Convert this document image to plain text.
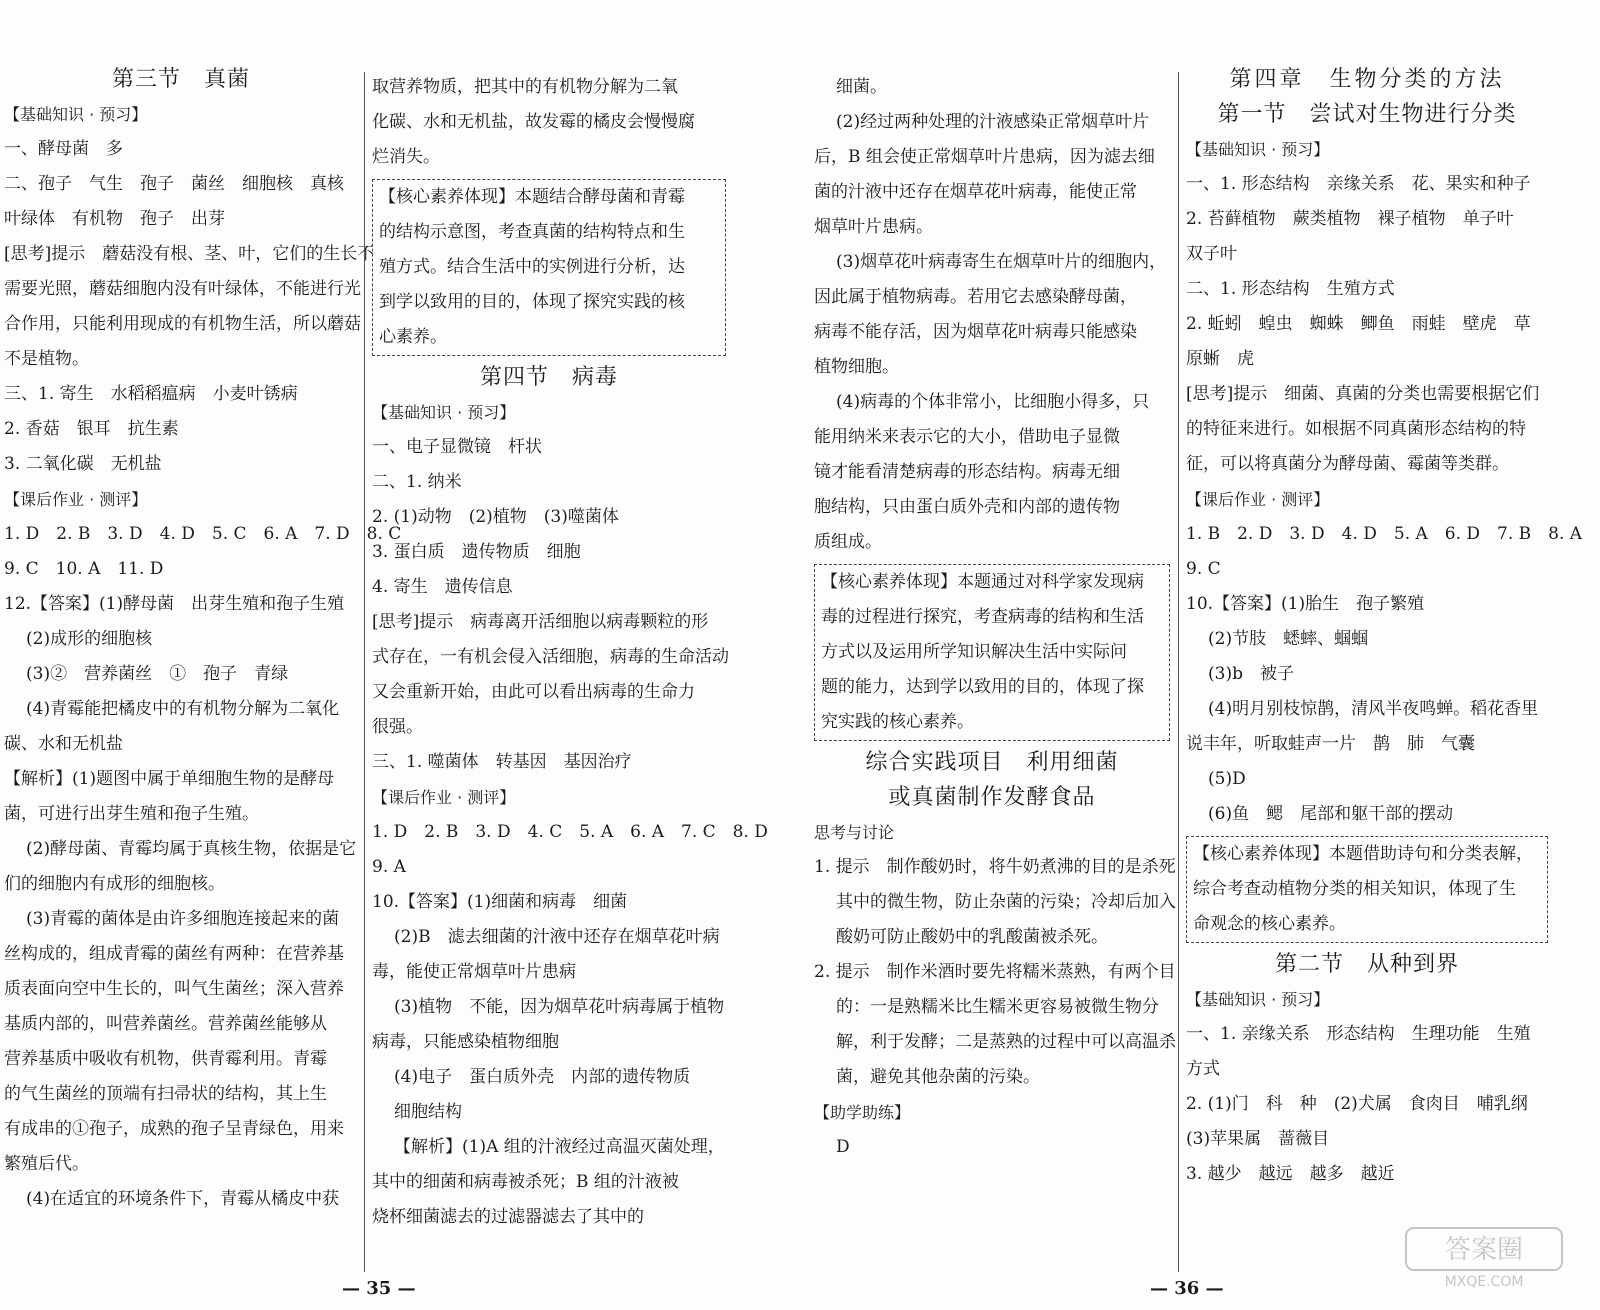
第三节　真菌
【基础知识 · 预习】
一、酵母菌　多
二、孢子　气生　孢子　菌丝　细胞核　真核
叶绿体　有机物　孢子　出芽
[思考]提示　蘑菇没有根、茎、叶，它们的生长不
需要光照，蘑菇细胞内没有叶绿体，不能进行光
合作用，只能利用现成的有机物生活，所以蘑菇
不是植物。
三、1. 寄生　水稻稻瘟病　小麦叶锈病
2. 香菇　银耳　抗生素
3. 二氧化碳　无机盐
【课后作业 · 测评】
1. D　2. B　3. D　4. D　5. C　6. A　7. D　8. C
9. C　10. A　11. D
12.【答案】(1)酵母菌　出芽生殖和孢子生殖
(2)成形的细胞核
(3)②　营养菌丝　①　孢子　青绿
(4)青霉能把橘皮中的有机物分解为二氧化
碳、水和无机盐
【解析】(1)题图中属于单细胞生物的是酵母
菌，可进行出芽生殖和孢子生殖。
(2)酵母菌、青霉均属于真核生物，依据是它
们的细胞内有成形的细胞核。
(3)青霉的菌体是由许多细胞连接起来的菌
丝构成的，组成青霉的菌丝有两种：在营养基
质表面向空中生长的，叫气生菌丝；深入营养
基质内部的，叫营养菌丝。营养菌丝能够从
营养基质中吸收有机物，供青霉利用。青霉
的气生菌丝的顶端有扫帚状的结构，其上生
有成串的①孢子，成熟的孢子呈青绿色，用来
繁殖后代。
(4)在适宜的环境条件下，青霉从橘皮中获
取营养物质，把其中的有机物分解为二氧
化碳、水和无机盐，故发霉的橘皮会慢慢腐
烂消失。
【核心素养体现】本题结合酵母菌和青霉
的结构示意图，考查真菌的结构特点和生
殖方式。结合生活中的实例进行分析，达
到学以致用的目的，体现了探究实践的核
心素养。
第四节　病毒
【基础知识 · 预习】
一、电子显微镜　杆状
二、1. 纳米
2. (1)动物　(2)植物　(3)噬菌体
3. 蛋白质　遗传物质　细胞
4. 寄生　遗传信息
[思考]提示　病毒离开活细胞以病毒颗粒的形
式存在，一有机会侵入活细胞，病毒的生命活动
又会重新开始，由此可以看出病毒的生命力
很强。
三、1. 噬菌体　转基因　基因治疗
【课后作业 · 测评】
1. D　2. B　3. D　4. C　5. A　6. A　7. C　8. D
9. A
10.【答案】(1)细菌和病毒　细菌
(2)B　滤去细菌的汁液中还存在烟草花叶病
毒，能使正常烟草叶片患病
(3)植物　不能，因为烟草花叶病毒属于植物
病毒，只能感染植物细胞
(4)电子　蛋白质外壳　内部的遗传物质
细胞结构
【解析】(1)A 组的汁液经过高温灭菌处理，
其中的细菌和病毒被杀死；B 组的汁液被
烧杯细菌滤去的过滤器滤去了其中的
细菌。
(2)经过两种处理的汁液感染正常烟草叶片
后，B 组会使正常烟草叶片患病，因为滤去细
菌的汁液中还存在烟草花叶病毒，能使正常
烟草叶片患病。
(3)烟草花叶病毒寄生在烟草叶片的细胞内，
因此属于植物病毒。若用它去感染酵母菌，
病毒不能存活，因为烟草花叶病毒只能感染
植物细胞。
(4)病毒的个体非常小，比细胞小得多，只
能用纳米来表示它的大小，借助电子显微
镜才能看清楚病毒的形态结构。病毒无细
胞结构，只由蛋白质外壳和内部的遗传物
质组成。
【核心素养体现】本题通过对科学家发现病
毒的过程进行探究，考查病毒的结构和生活
方式以及运用所学知识解决生活中实际问
题的能力，达到学以致用的目的，体现了探
究实践的核心素养。
综合实践项目　利用细菌
或真菌制作发酵食品
思考与讨论
1. 提示　制作酸奶时，将牛奶煮沸的目的是杀死
其中的微生物，防止杂菌的污染；冷却后加入
酸奶可防止酸奶中的乳酸菌被杀死。
2. 提示　制作米酒时要先将糯米蒸熟，有两个目
的：一是熟糯米比生糯米更容易被微生物分
解，利于发酵；二是蒸熟的过程中可以高温杀
菌，避免其他杂菌的污染。
【助学助练】
D
第四章　生物分类的方法
第一节　尝试对生物进行分类
【基础知识 · 预习】
一、1. 形态结构　亲缘关系　花、果实和种子
2. 苔藓植物　蕨类植物　裸子植物　单子叶
双子叶
二、1. 形态结构　生殖方式
2. 蚯蚓　蝗虫　蜘蛛　鲫鱼　雨蛙　壁虎　草
原蜥　虎
[思考]提示　细菌、真菌的分类也需要根据它们
的特征来进行。如根据不同真菌形态结构的特
征，可以将真菌分为酵母菌、霉菌等类群。
【课后作业 · 测评】
1. B　2. D　3. D　4. D　5. A　6. D　7. B　8. A
9. C
10.【答案】(1)胎生　孢子繁殖
(2)节肢　蟋蟀、蝈蝈
(3)b　被子
(4)明月别枝惊鹊，清风半夜鸣蝉。稻花香里
说丰年，听取蛙声一片　鹊　肺　气囊
(5)D
(6)鱼　鳃　尾部和躯干部的摆动
【核心素养体现】本题借助诗句和分类表解，
综合考查动植物分类的相关知识，体现了生
命观念的核心素养。
第二节　从种到界
【基础知识 · 预习】
一、1. 亲缘关系　形态结构　生理功能　生殖
方式
2. (1)门　科　种　(2)犬属　食肉目　哺乳纲
(3)苹果属　蔷薇目
3. 越少　越远　越多　越近
— 35 —	— 36 —
答案圈
MXQE.COM
